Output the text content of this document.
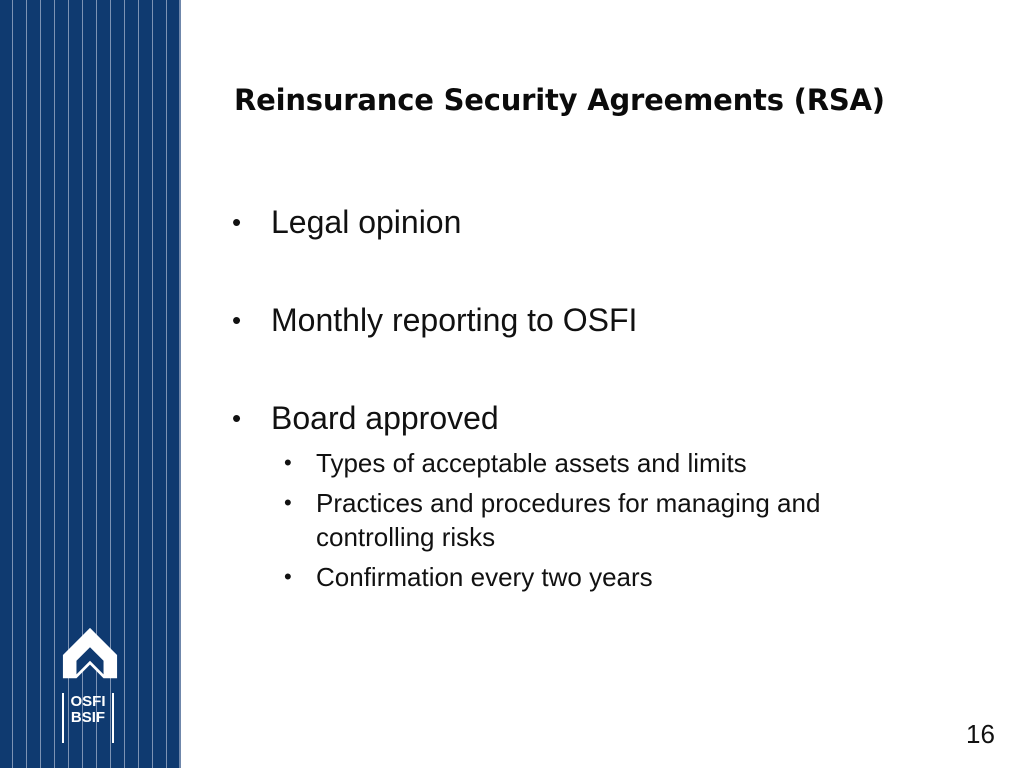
OSFI
BSIF
Reinsurance Security Agreements (RSA)
• Legal opinion
• Monthly reporting to OSFI
• Board approved
• Types of acceptable assets and limits
• Practices and procedures for managing and controlling risks
• Confirmation every two years
16
